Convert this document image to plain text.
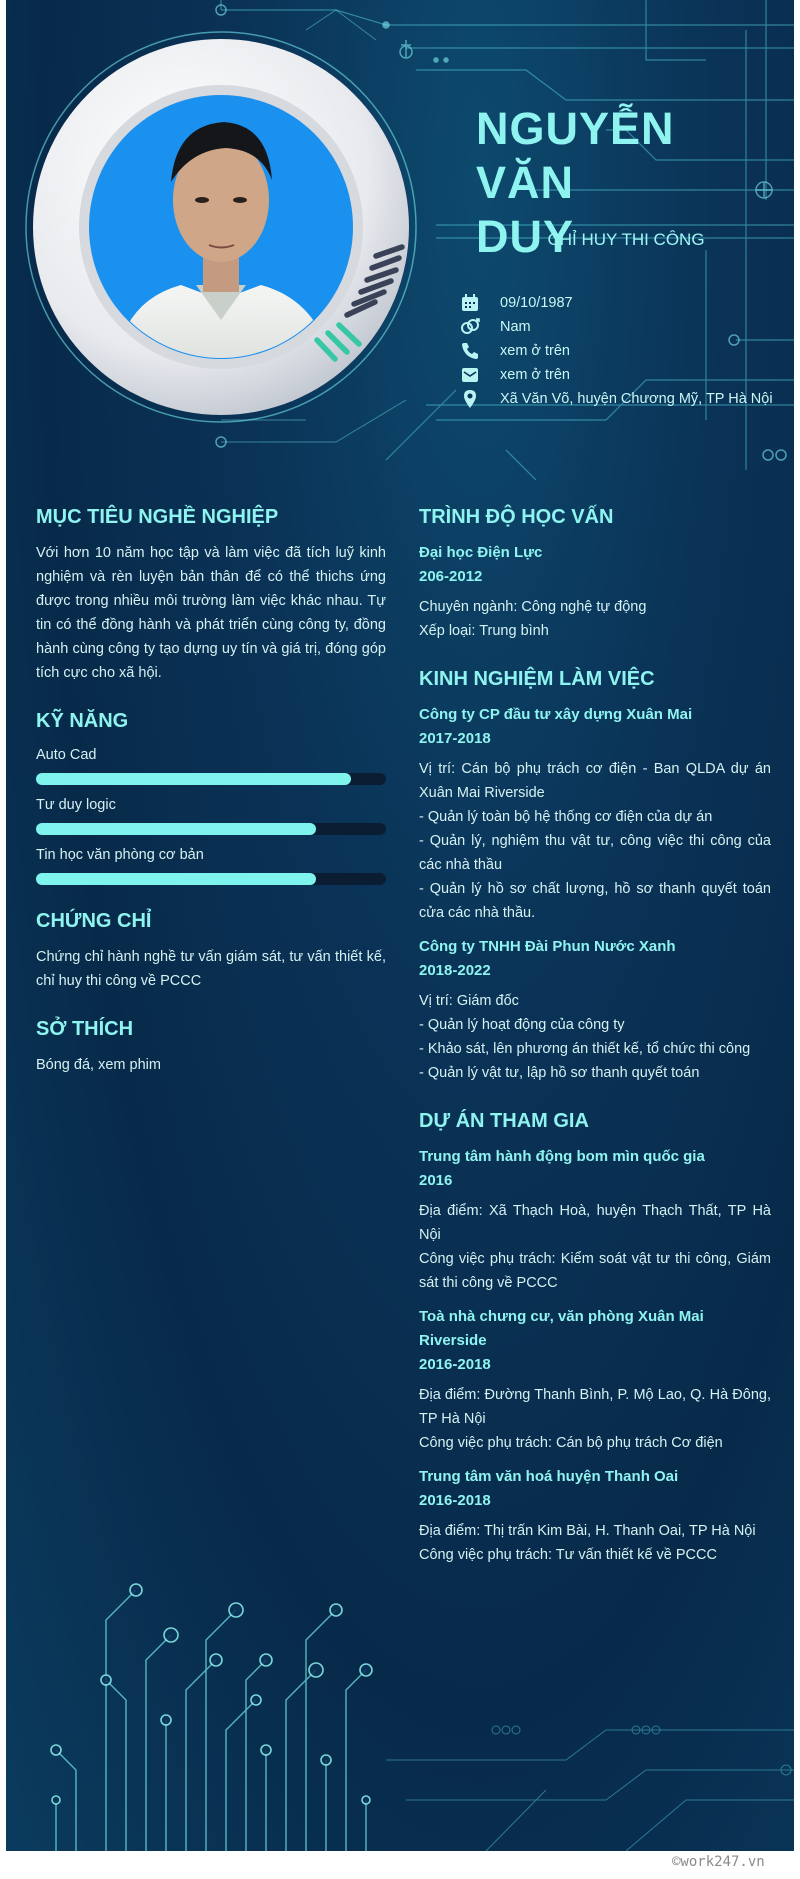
NGUYỄN VĂN
DUY
CHỈ HUY THI CÔNG
09/10/1987
Nam
xem ở trên
xem ở trên
Xã Văn Võ, huyện Chương Mỹ, TP Hà Nội
MỤC TIÊU NGHỀ NGHIỆP

Với hơn 10 năm học tập và làm việc đã tích luỹ kinh nghiệm và rèn luyện bản thân để có thể thichs ứng được trong nhiều môi trường làm việc khác nhau. Tự tin có thể đồng hành và phát triển cùng công ty, đồng hành cùng công ty tạo dựng uy tín và giá trị, đóng góp tích cực cho xã hội.

KỸ NĂNG
Auto Cad
Tư duy logic
Tin học văn phòng cơ bản
CHỨNG CHỈ

Chứng chỉ hành nghề tư vấn giám sát, tư vấn thiết kế, chỉ huy thi công về PCCC

SỞ THÍCH

Bóng đá, xem phim

TRÌNH ĐỘ HỌC VẤN
Đại học Điện Lực
206-2012
Chuyên ngành: Công nghệ tự động
Xếp loại: Trung bình
KINH NGHIỆM LÀM VIỆC
Công ty CP đầu tư xây dựng Xuân Mai
2017-2018
Vị trí: Cán bộ phụ trách cơ điện - Ban QLDA dự án Xuân Mai Riverside
- Quản lý toàn bộ hệ thống cơ điện của dự án
- Quản lý, nghiệm thu vật tư, công việc thi công của các nhà thầu
- Quản lý hồ sơ chất lượng, hồ sơ thanh quyết toán cửa các nhà thầu.
Công ty TNHH Đài Phun Nước Xanh
2018-2022
Vị trí: Giám đốc
- Quản lý hoạt động của công ty
- Khảo sát, lên phương án thiết kế, tổ chức thi công
- Quản lý vật tư, lập hồ sơ thanh quyết toán
DỰ ÁN THAM GIA
Trung tâm hành động bom mìn quốc gia
2016
Địa điểm: Xã Thạch Hoà, huyện Thạch Thất, TP Hà Nội
Công việc phụ trách: Kiểm soát vật tư thi công, Giám sát thi công về PCCC
Toà nhà chưng cư, văn phòng Xuân Mai Riverside
2016-2018
Địa điểm: Đường Thanh Bình, P. Mộ Lao, Q. Hà Đông, TP Hà Nội
Công việc phụ trách: Cán bộ phụ trách Cơ điện
Trung tâm văn hoá huyện Thanh Oai
2016-2018
Địa điểm: Thị trấn Kim Bài, H. Thanh Oai, TP Hà Nội
Công việc phụ trách: Tư vấn thiết kế về PCCC
©work247.vn
